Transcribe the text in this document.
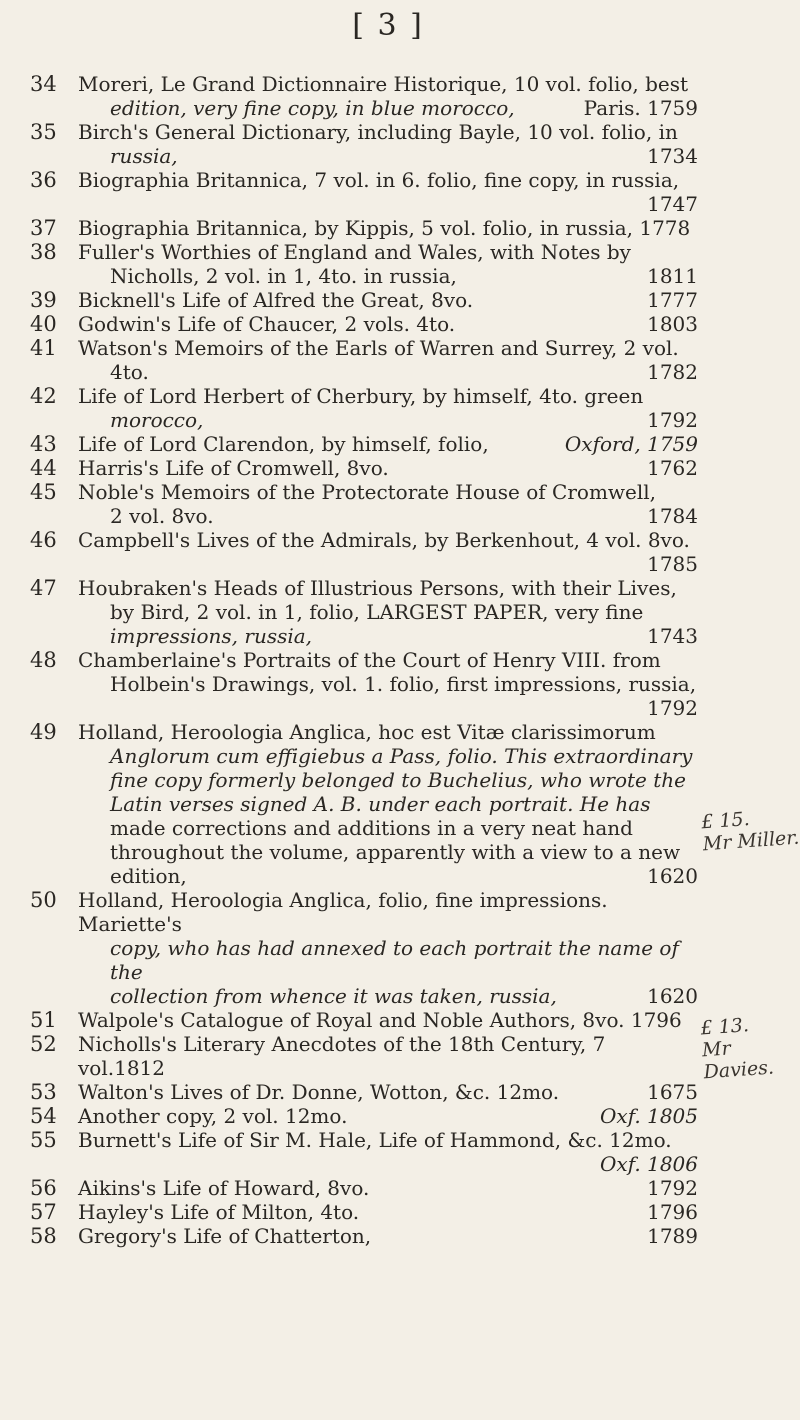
[ 3 ]

34	Moreri, Le Grand Dictionnaire Historique, 10 vol. folio, best
edition, very fine copy, in blue morocco,	Paris. 1759

35	Birch's General Dictionary, including Bayle, 10 vol. folio, in
russia,	1734

36	Biographia Britannica, 7 vol. in 6. folio, fine copy, in russia,
1747

37	Biographia Britannica, by Kippis, 5 vol. folio, in russia, 1778

38	Fuller's Worthies of England and Wales, with Notes by
Nicholls, 2 vol. in 1, 4to. in russia,	1811

39	Bicknell's Life of Alfred the Great, 8vo.	1777

40	Godwin's Life of Chaucer, 2 vols. 4to.	1803

41	Watson's Memoirs of the Earls of Warren and Surrey, 2 vol.
4to.	1782

42	Life of Lord Herbert of Cherbury, by himself, 4to. green
morocco,	1792

43	Life of Lord Clarendon, by himself, folio,	Oxford, 1759

44	Harris's Life of Cromwell, 8vo.	1762

45	Noble's Memoirs of the Protectorate House of Cromwell,
2 vol. 8vo.	1784

46	Campbell's Lives of the Admirals, by Berkenhout, 4 vol. 8vo.
1785

47	Houbraken's Heads of Illustrious Persons, with their Lives,
by Bird, 2 vol. in 1, folio, LARGEST PAPER, very fine
impressions, russia,	1743

48	Chamberlaine's Portraits of the Court of Henry VIII. from
Holbein's Drawings, vol. 1. folio, first impressions, russia,
1792

49	Holland, Heroologia Anglica, hoc est Vitæ clarissimorum
Anglorum cum effigiebus a Pass, folio. This extraordinary
fine copy formerly belonged to Buchelius, who wrote the
Latin verses signed A. B. under each portrait. He has
made corrections and additions in a very neat hand
throughout the volume, apparently with a view to a new
edition,	1620

50	Holland, Heroologia Anglica, folio, fine impressions. Mariette's
copy, who has had annexed to each portrait the name of the
collection from whence it was taken, russia,	1620

51	Walpole's Catalogue of Royal and Noble Authors, 8vo. 1796

52	Nicholls's Literary Anecdotes of the 18th Century, 7 vol.1812

53	Walton's Lives of Dr. Donne, Wotton, &c. 12mo.	1675

54	Another copy, 2 vol. 12mo.	Oxf. 1805

55	Burnett's Life of Sir M. Hale, Life of Hammond, &c. 12mo.
Oxf. 1806

56	Aikins's Life of Howard, 8vo.	1792

57	Hayley's Life of Milton, 4to.	1796

58	Gregory's Life of Chatterton,	1789

£ 15.
Mr Miller.
£ 13.
Mr Davies.
